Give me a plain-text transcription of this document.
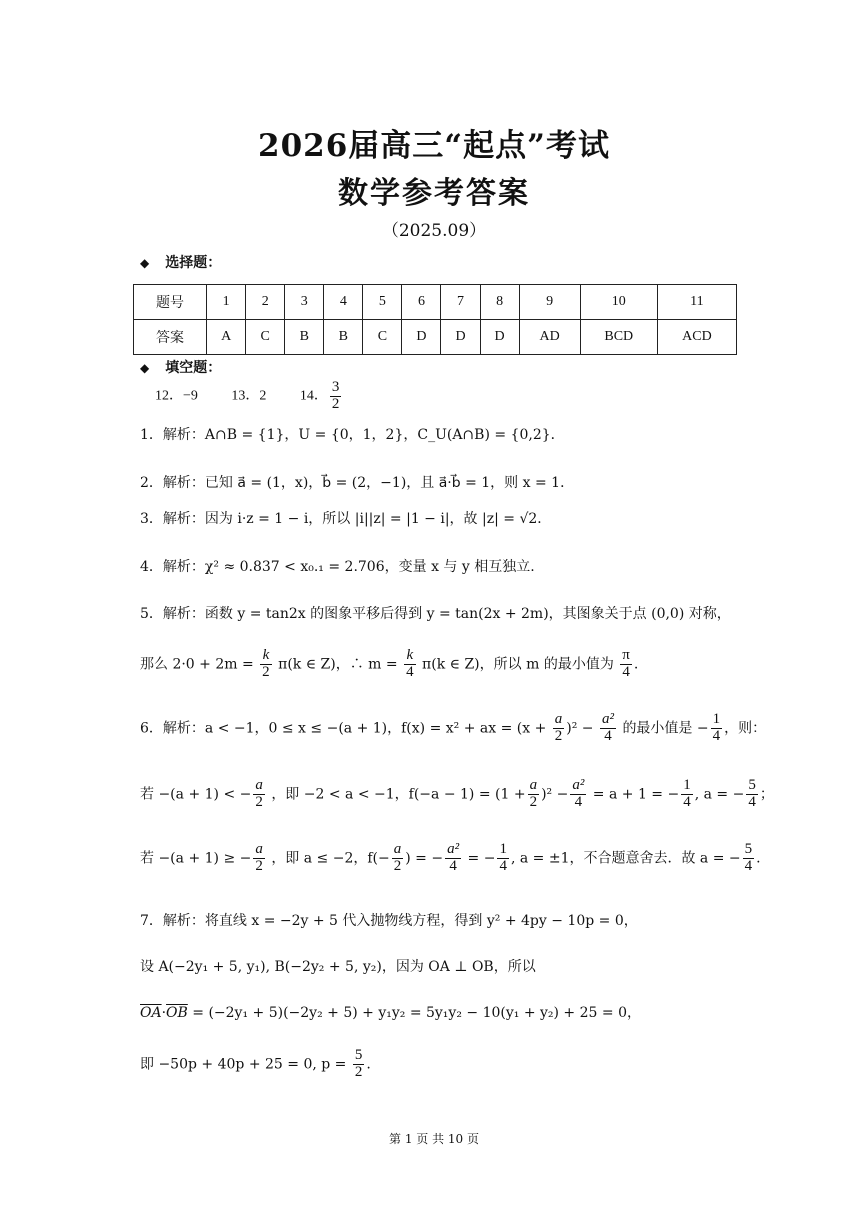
2026届高三“起点”考试
数学参考答案
（2025.09）
◆ 选择题：
题号	1	2	3	4	5	6	7	8	9	10	11
答案	A	C	B	B	C	D	D	D	AD	BCD	ACD
◆ 填空题：
12．−9 13．2 14． $\frac{3}{2}$
1．解析：A∩B = {1}，U = {0，1，2}，C_U(A∩B) = {0,2}．
2．解析：已知 a⃗ = (1，x)，b⃗ = (2，−1)，且 a⃗·b⃗ = 1，则 x = 1．
3．解析：因为 i·z = 1 − i，所以 |i||z| = |1 − i|，故 |z| = √2．
4．解析：χ² ≈ 0.837 < x₀.₁ = 2.706，变量 x 与 y 相互独立.
5．解析：函数 y = tan2x 的图象平移后得到 y = tan(2x + 2m)，其图象关于点 (0,0) 对称，
那么 $2\cdot 0 + 2m = \frac{k}{2} \pi(k$ ∈ Z)，∴ $m = \frac{k}{4} \pi(k$ ∈ Z)，所以 m 的最小值为 $\frac{\pi}{4}$ .
6．解析：a < −1，0 ≤ x ≤ −(a + 1)，f(x) = x² + ax = $(x + \frac{a}{2} )^2 - \frac{\text{a²}}{4}$ 的最小值是 − $\frac{1}{4}$ ，则：
若 −(a + 1) < − $\frac{a}{2}$ ，即 −2 < a < −1，$f(-a - 1) = (1 + \frac{a}{2} )^2 - \frac{\text{a²}}{4} = a + 1$ = − $\frac{1}{4}$ , a = − $\frac{5}{4}$ ；
若 −(a + 1) ≥ − $\frac{a}{2}$ ，即 a ≤ −2，$f(- \frac{a}{2}$ ) = − $\frac{\text{a²}}{4}$ = − $\frac{1}{4}$ , a = ±1，不合题意舍去．故 a = − $\frac{5}{4}$ .
7．解析：将直线 x = −2y + 5 代入抛物线方程，得到 y² + 4py − 10p = 0，
设 A(−2y₁ + 5, y₁), B(−2y₂ + 5, y₂)，因为 OA ⊥ OB，所以
$\overline{OA}\cdot\overline{OB} = (-2y_1 + 5)(-2y_2 + 5) + y_1y_2 = 5y_1y_2 - 10(y_1 + y_2) + 25 = 0$，
即 −50p + 40p + 25 = 0, $p = \frac{5}{2}$ .
第 1 页 共 10 页
